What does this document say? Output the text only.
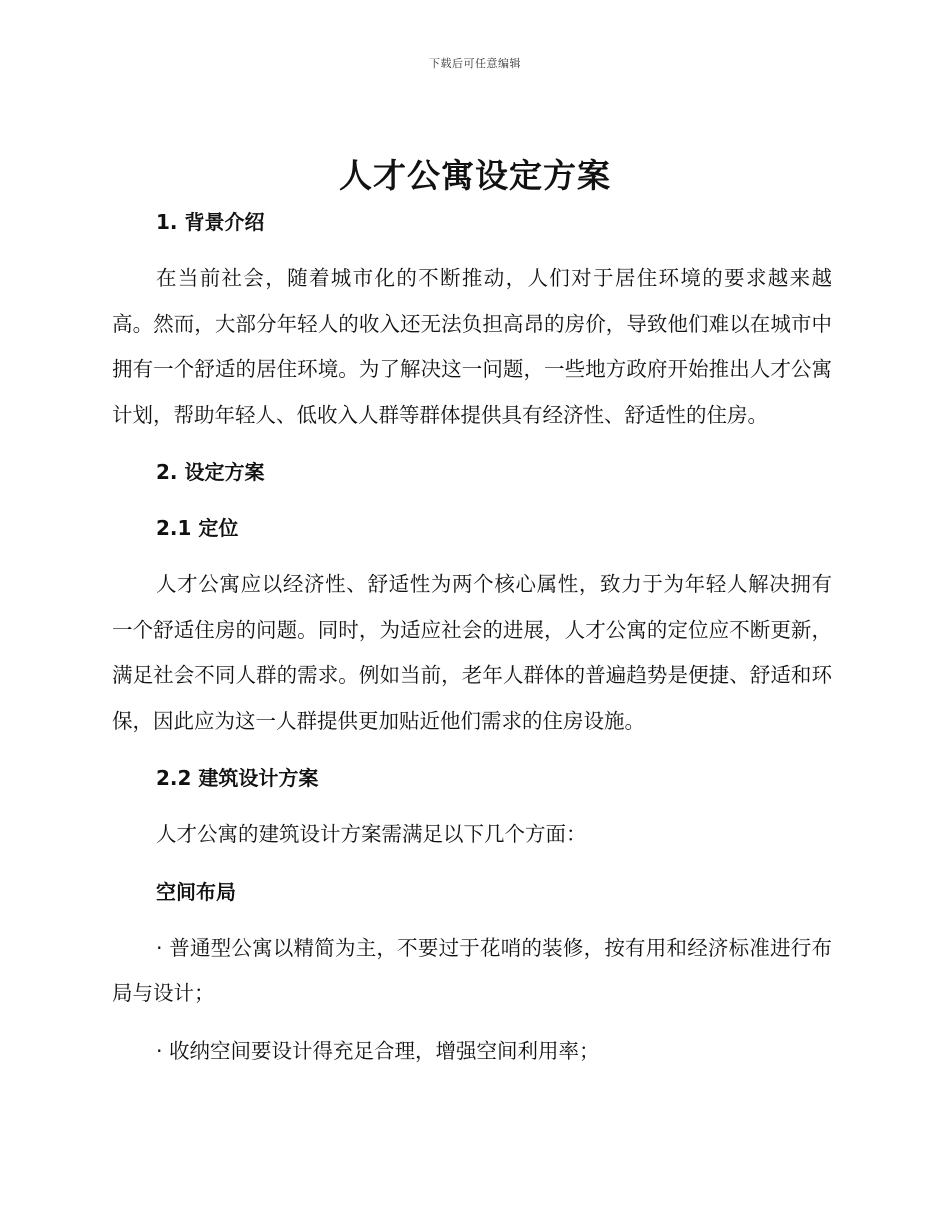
下载后可任意编辑
人才公寓设定方案
1. 背景介绍

在当前社会，随着城市化的不断推动，人们对于居住环境的要求越来越高。然而，大部分年轻人的收入还无法负担高昂的房价，导致他们难以在城市中拥有一个舒适的居住环境。为了解决这一问题，一些地方政府开始推出人才公寓计划，帮助年轻人、低收入人群等群体提供具有经济性、舒适性的住房。

2. 设定方案
2.1 定位

人才公寓应以经济性、舒适性为两个核心属性，致力于为年轻人解决拥有一个舒适住房的问题。同时，为适应社会的进展，人才公寓的定位应不断更新，满足社会不同人群的需求。例如当前，老年人群体的普遍趋势是便捷、舒适和环保，因此应为这一人群提供更加贴近他们需求的住房设施。

2.2 建筑设计方案

人才公寓的建筑设计方案需满足以下几个方面：

空间布局

· 普通型公寓以精简为主，不要过于花哨的装修，按有用和经济标准进行布局与设计；

· 收纳空间要设计得充足合理，增强空间利用率；
